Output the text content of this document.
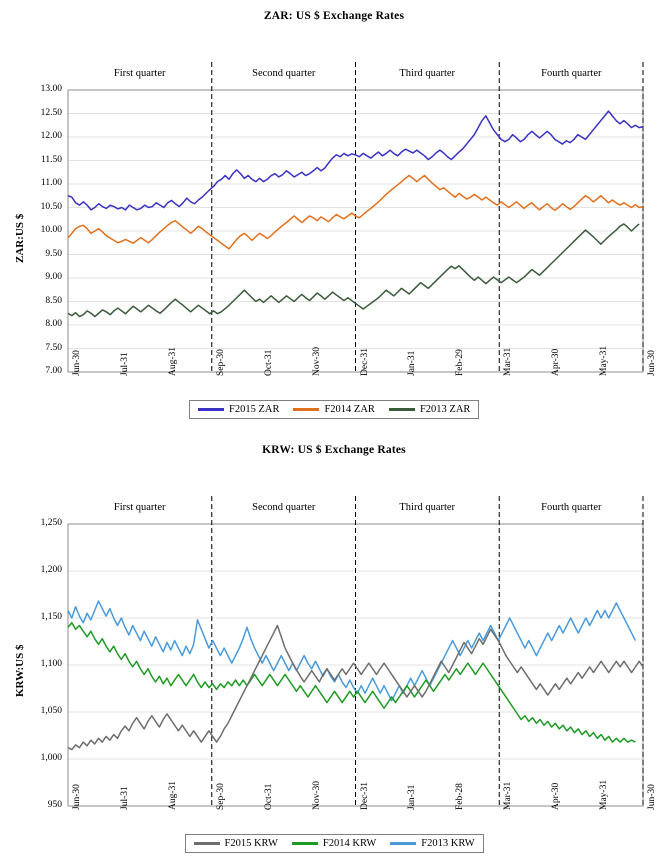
ZAR: US $ Exchange Rates
7.00
7.50
8.00
8.50
9.00
9.50
10.00
10.50
11.00
11.50
12.00
12.50
13.00
Jun-30	Jul-31	Aug-31	Sep-30	Oct-31	Nov-30	Dec-31	Jan-31	Feb-29	Mar-31	Apr-30	May-31	Jun-30
ZAR:US $
First quarter	Second quarter	Third quarter	Fourth quarter
F2015 ZAR	F2014 ZAR	F2013 ZAR
KRW: US $ Exchange Rates
950
1,000
1,050
1,100
1,150
1,200
1,250
Jun-30	Jul-31	Aug-31	Sep-30	Oct-31	Nov-30	Dec-31	Jan-31	Feb-28	Mar-31	Apr-30	May-31	Jun-30
KRW:US $
First quarter	Second quarter	Third quarter	Fourth quarter
F2015 KRW	F2014 KRW	F2013 KRW
